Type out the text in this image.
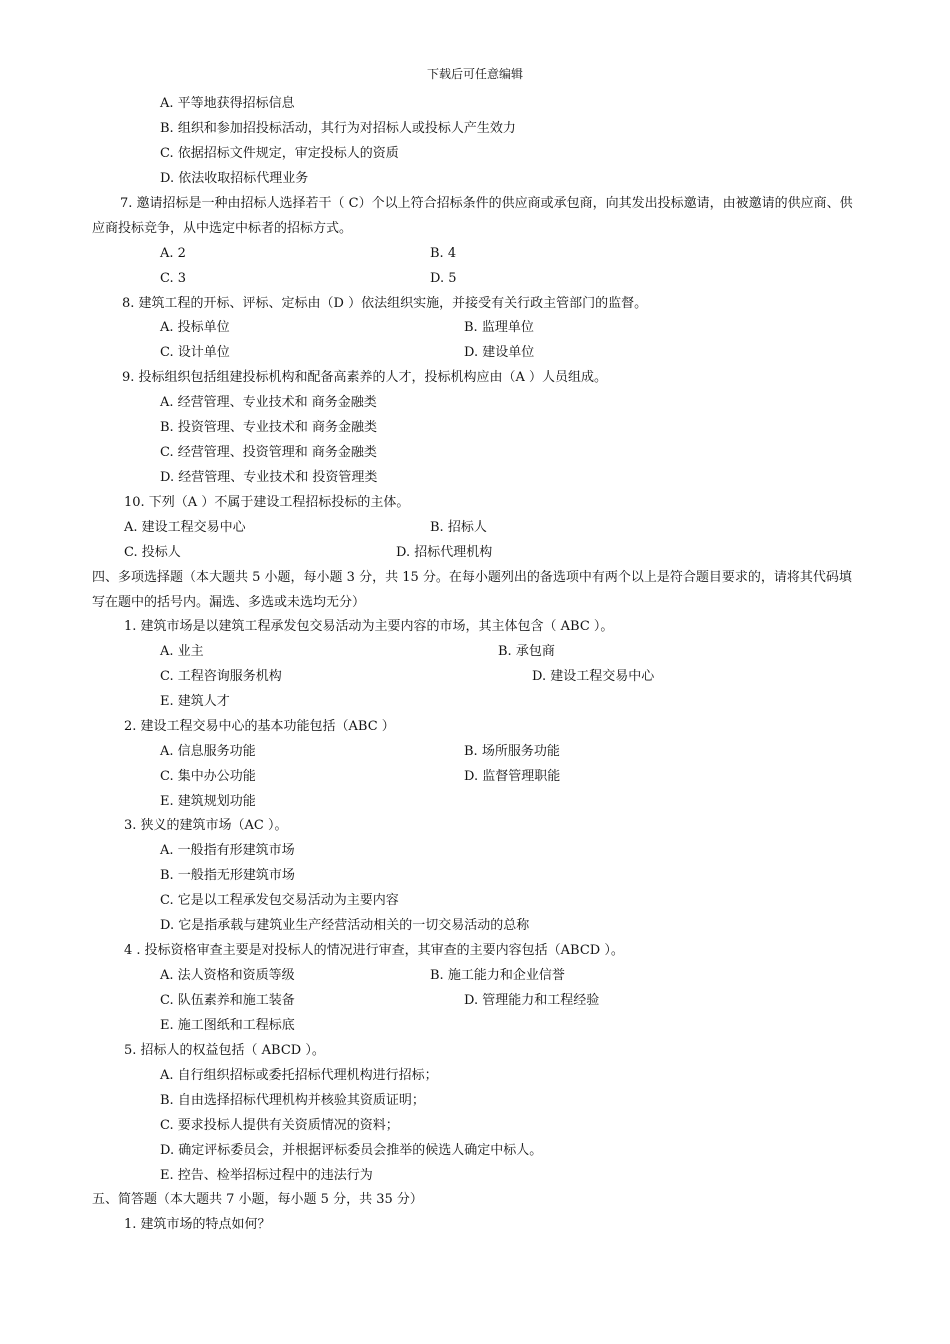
下载后可任意编辑
A. 平等地获得招标信息
B. 组织和参加招投标活动，其行为对招标人或投标人产生效力
C. 依据招标文件规定，审定投标人的资质
D. 依法收取招标代理业务
7. 邀请招标是一种由招标人选择若干（ C）个以上符合招标条件的供应商或承包商，向其发出投标邀请，由被邀请的供应商、供应商投标竞争，从中选定中标者的招标方式。
A. 2	B. 4
C. 3	D. 5
8. 建筑工程的开标、评标、定标由（D ）依法组织实施，并接受有关行政主管部门的监督。
A. 投标单位	B. 监理单位
C. 设计单位	D. 建设单位
9. 投标组织包括组建投标机构和配备高素养的人才，投标机构应由（A ）人员组成。
A. 经营管理、专业技术和 商务金融类
B. 投资管理、专业技术和 商务金融类
C. 经营管理、投资管理和 商务金融类
D. 经营管理、专业技术和 投资管理类
10. 下列（A ）不属于建设工程招标投标的主体。
A. 建设工程交易中心	B. 招标人
C. 投标人	D. 招标代理机构
四、多项选择题（本大题共 5 小题，每小题 3 分，共 15 分。在每小题列出的备选项中有两个以上是符合题目要求的，请将其代码填写在题中的括号内。漏选、多选或未选均无分）
1. 建筑市场是以建筑工程承发包交易活动为主要内容的市场，其主体包含（ ABC ）。
A. 业主	B. 承包商
C. 工程咨询服务机构	D. 建设工程交易中心
E. 建筑人才
2. 建设工程交易中心的基本功能包括（ABC ）
A. 信息服务功能	B. 场所服务功能
C. 集中办公功能	D. 监督管理职能
E. 建筑规划功能
3. 狭义的建筑市场（AC ）。
A. 一般指有形建筑市场
B. 一般指无形建筑市场
C. 它是以工程承发包交易活动为主要内容
D. 它是指承载与建筑业生产经营活动相关的一切交易活动的总称
4 . 投标资格审查主要是对投标人的情况进行审查，其审查的主要内容包括（ABCD ）。
A. 法人资格和资质等级	B. 施工能力和企业信誉
C. 队伍素养和施工装备	D. 管理能力和工程经验
E. 施工图纸和工程标底
5. 招标人的权益包括（ ABCD ）。
A. 自行组织招标或委托招标代理机构进行招标；
B. 自由选择招标代理机构并核验其资质证明；
C. 要求投标人提供有关资质情况的资料；
D. 确定评标委员会，并根据评标委员会推举的候选人确定中标人。
E. 控告、检举招标过程中的违法行为
五、简答题（本大题共 7 小题，每小题 5 分，共 35 分）
1. 建筑市场的特点如何？
